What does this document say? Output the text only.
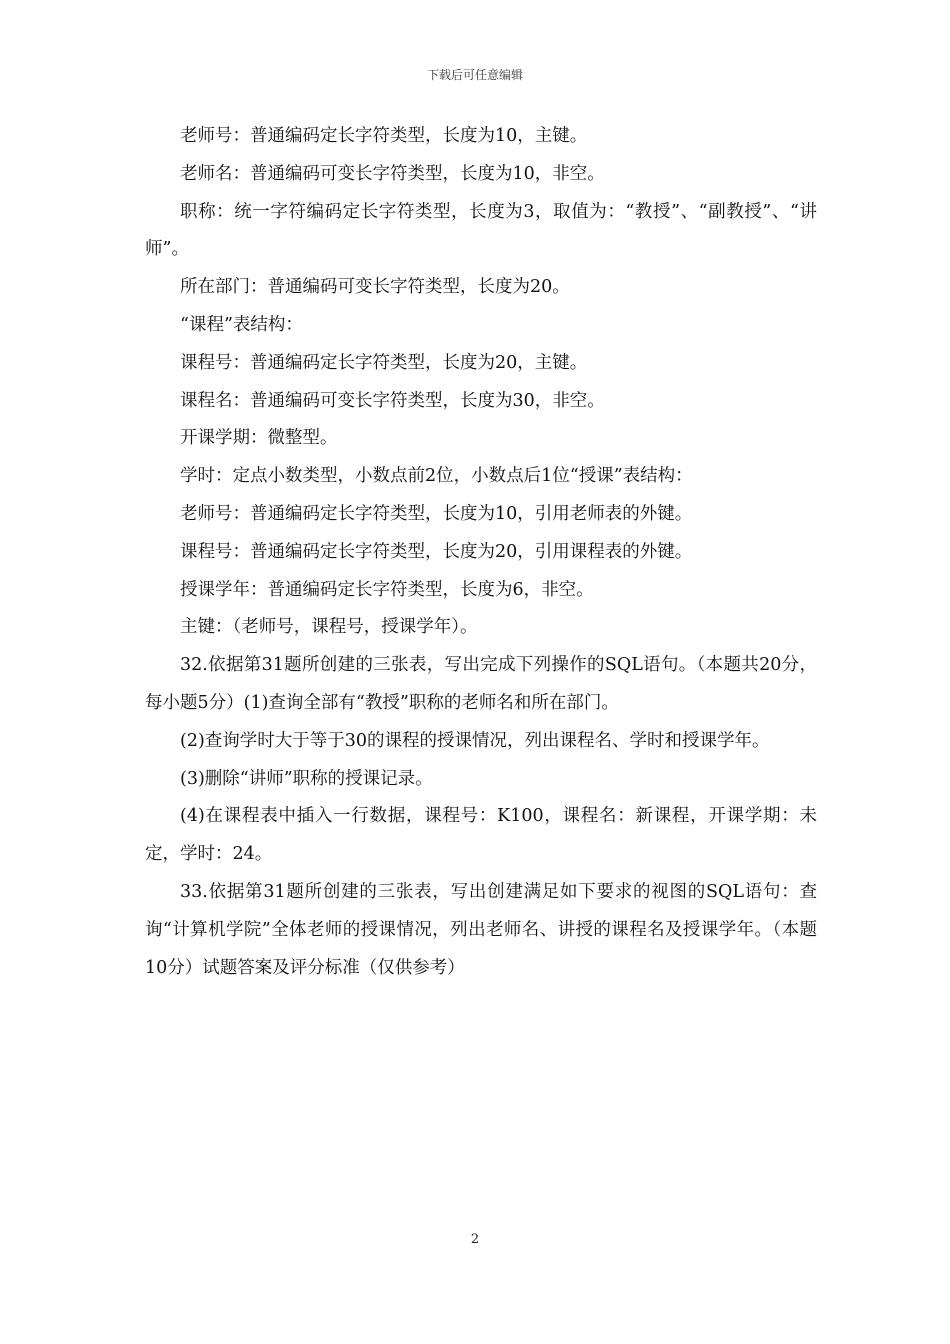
下载后可任意编辑

老师号：普通编码定长字符类型，长度为10，主键。

老师名：普通编码可变长字符类型，长度为10，非空。

职称：统一字符编码定长字符类型，长度为3，取值为：“教授”、“副教授”、“讲师”。

所在部门：普通编码可变长字符类型，长度为20。

“课程”表结构：

课程号：普通编码定长字符类型，长度为20，主键。

课程名：普通编码可变长字符类型，长度为30，非空。

开课学期：微整型。

学时：定点小数类型，小数点前2位，小数点后1位“授课”表结构：

老师号：普通编码定长字符类型，长度为10，引用老师表的外键。

课程号：普通编码定长字符类型，长度为20，引用课程表的外键。

授课学年：普通编码定长字符类型，长度为6，非空。

主键：（老师号，课程号，授课学年）。

32.依据第31题所创建的三张表，写出完成下列操作的SQL语句。（本题共20分，每小题5分）(1)查询全部有“教授”职称的老师名和所在部门。

(2)查询学时大于等于30的课程的授课情况，列出课程名、学时和授课学年。

(3)删除“讲师”职称的授课记录。

(4)在课程表中插入一行数据，课程号：K100，课程名：新课程，开课学期：未定，学时：24。

33.依据第31题所创建的三张表，写出创建满足如下要求的视图的SQL语句：查询“计算机学院”全体老师的授课情况，列出老师名、讲授的课程名及授课学年。（本题10分）试题答案及评分标准（仅供参考）

2
